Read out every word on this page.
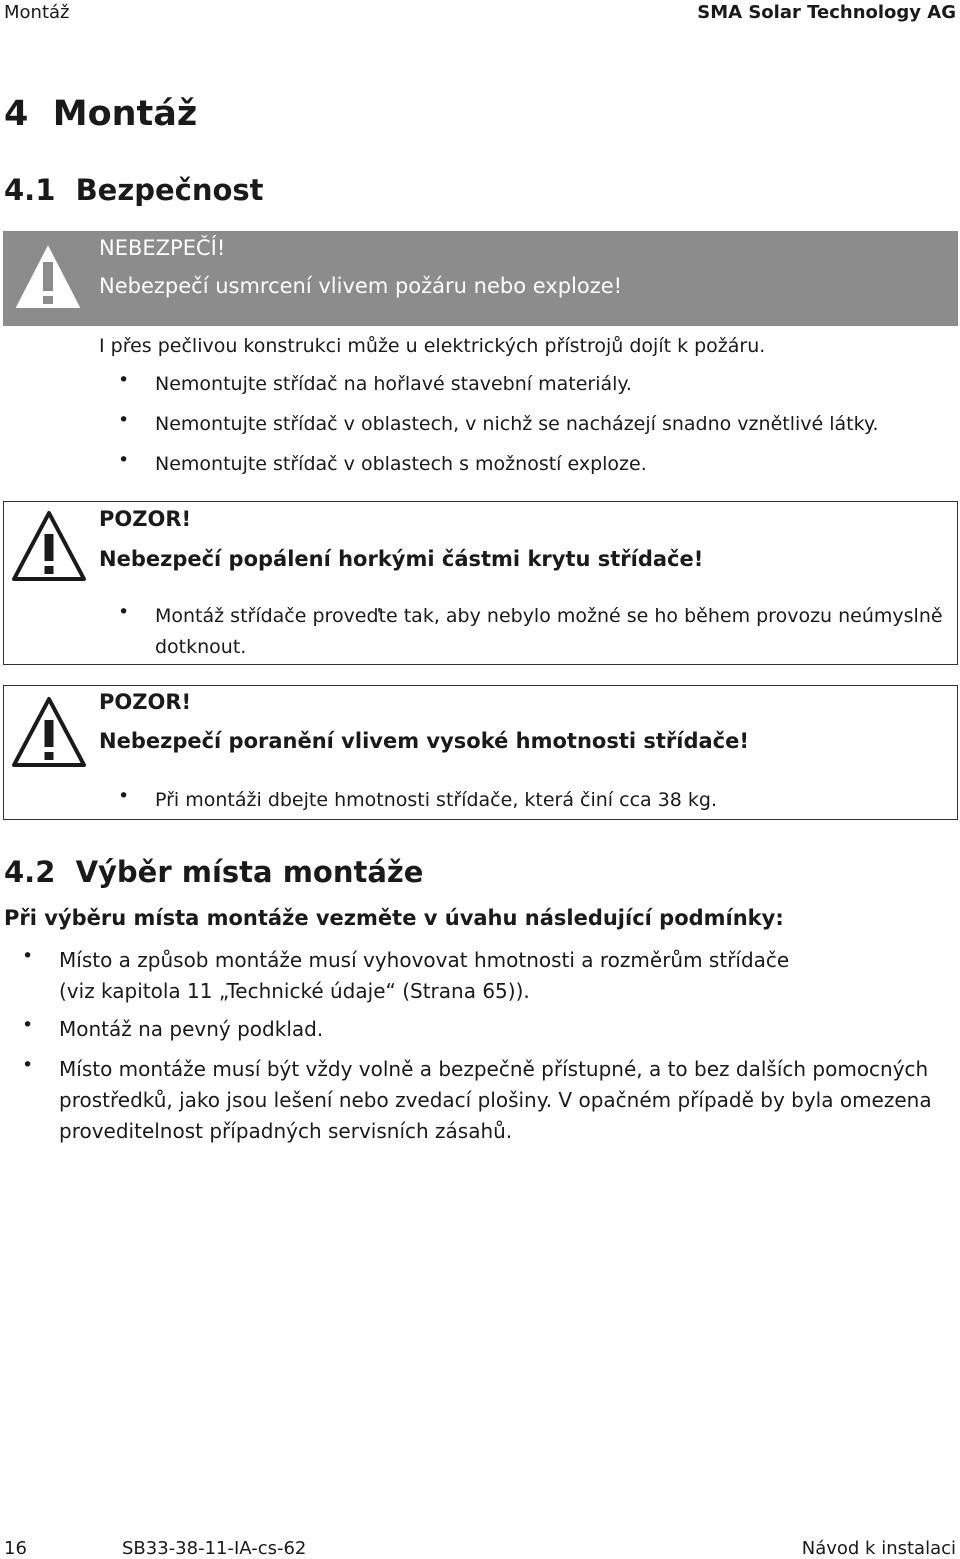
Montáž	SMA Solar Technology AG
4 Montáž
4.1 Bezpečnost
NEBEZPEČÍ!
Nebezpečí usmrcení vlivem požáru nebo exploze!
I přes pečlivou konstrukci může u elektrických přístrojů dojít k požáru.
• Nemontujte střídač na hořlavé stavební materiály.
• Nemontujte střídač v oblastech, v nichž se nacházejí snadno vznětlivé látky.
• Nemontujte střídač v oblastech s možností exploze.
POZOR!
Nebezpečí popálení horkými částmi krytu střídače!
• Montáž střídače proveďte tak, aby nebylo možné se ho během provozu neúmyslně
dotknout.
POZOR!
Nebezpečí poranění vlivem vysoké hmotnosti střídače!
• Při montáži dbejte hmotnosti střídače, která činí cca 38 kg.
4.2 Výběr místa montáže
Při výběru místa montáže vezměte v úvahu následující podmínky:
• Místo a způsob montáže musí vyhovovat hmotnosti a rozměrům střídače
(viz kapitola 11 „Technické údaje“ (Strana 65)).
• Montáž na pevný podklad.
• Místo montáže musí být vždy volně a bezpečně přístupné, a to bez dalších pomocných
prostředků, jako jsou lešení nebo zvedací plošiny. V opačném případě by byla omezena
proveditelnost případných servisních zásahů.
16	SB33-38-11-IA-cs-62	Návod k instalaci
